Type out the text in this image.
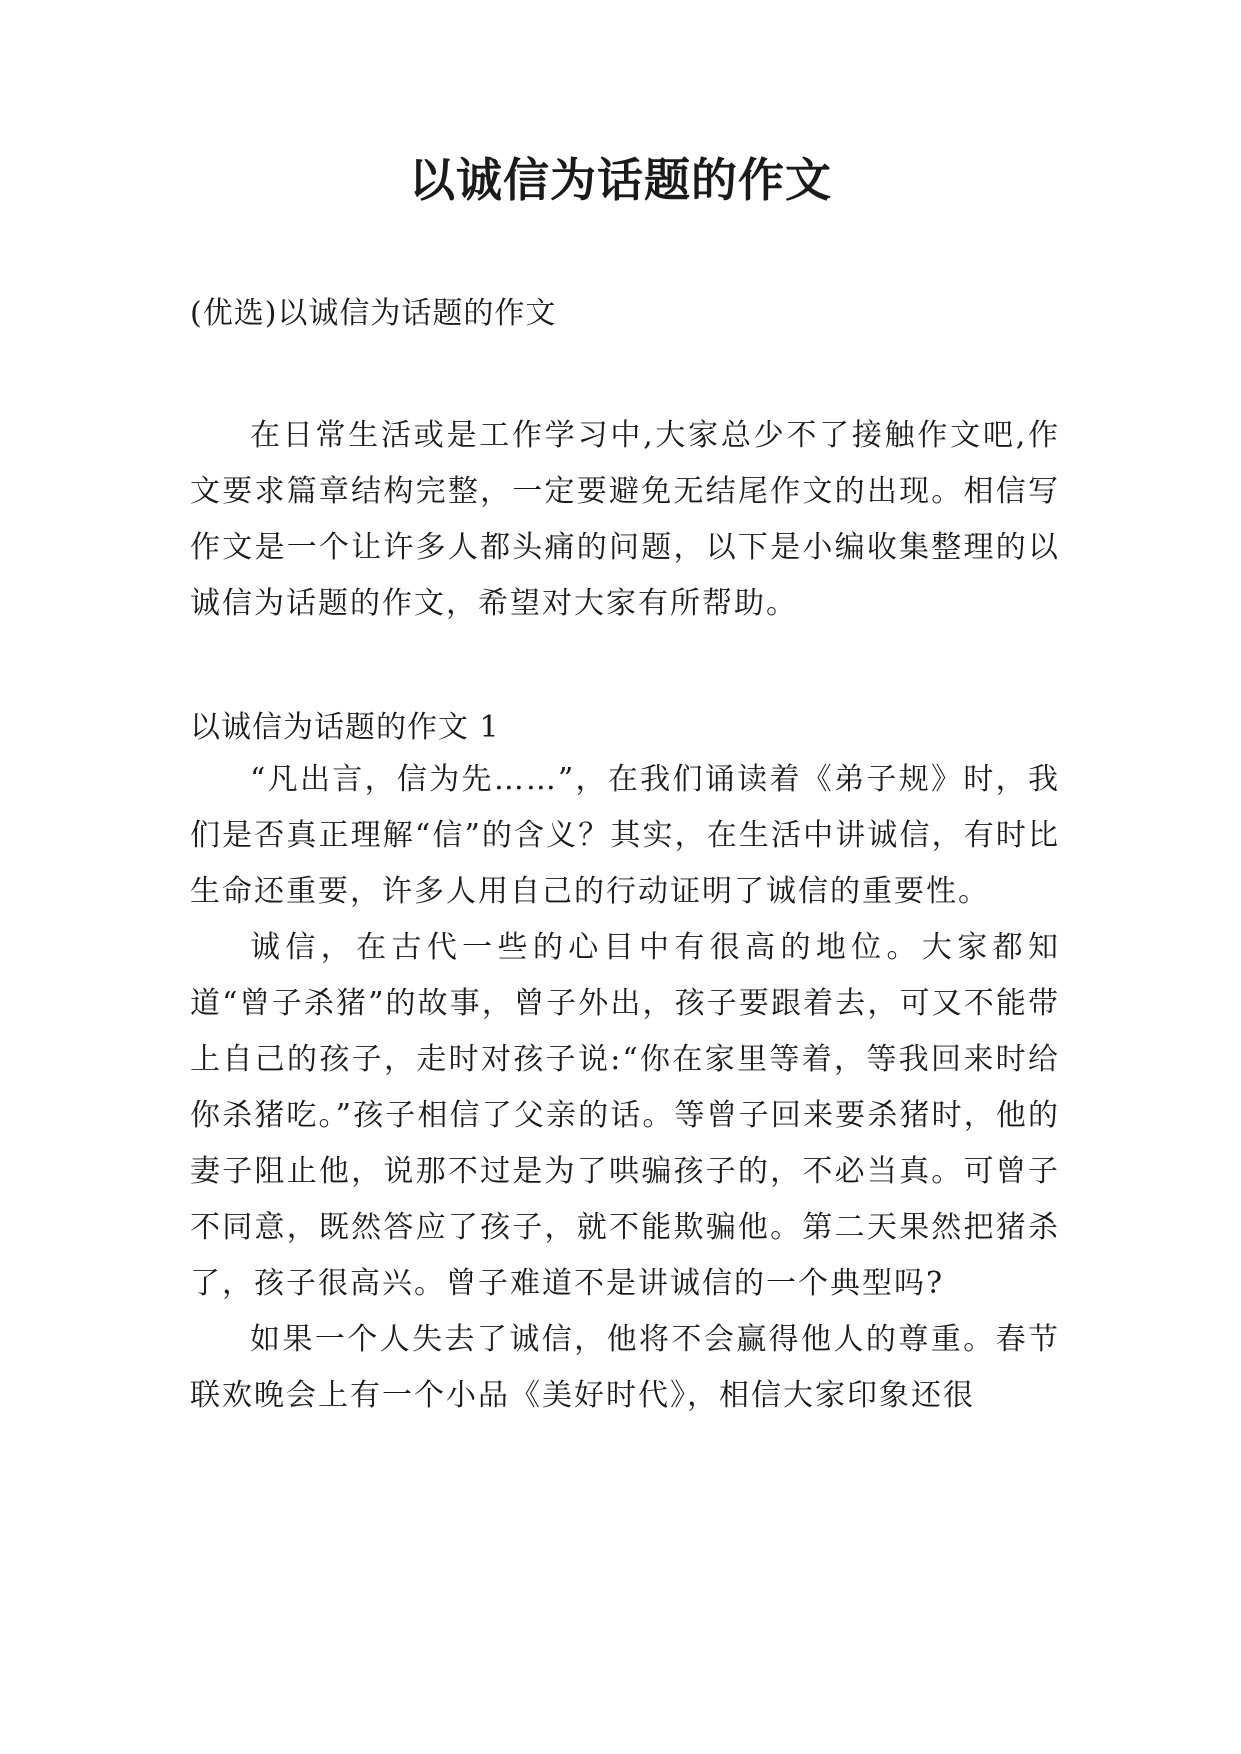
以诚信为话题的作文
(优选)以诚信为话题的作文

在日常生活或是工作学习中,大家总少不了接触作文吧,作文要求篇章结构完整，一定要避免无结尾作文的出现。相信写作文是一个让许多人都头痛的问题，以下是小编收集整理的以诚信为话题的作文，希望对大家有所帮助。

以诚信为话题的作文 1

“凡出言，信为先……”，在我们诵读着《弟子规》时，我们是否真正理解“信”的含义？其实，在生活中讲诚信，有时比生命还重要，许多人用自己的行动证明了诚信的重要性。

诚信，在古代一些的心目中有很高的地位。大家都知道“曾子杀猪”的故事，曾子外出，孩子要跟着去，可又不能带上自己的孩子，走时对孩子说:“你在家里等着，等我回来时给你杀猪吃。”孩子相信了父亲的话。等曾子回来要杀猪时，他的妻子阻止他，说那不过是为了哄骗孩子的，不必当真。可曾子不同意，既然答应了孩子，就不能欺骗他。第二天果然把猪杀了，孩子很高兴。曾子难道不是讲诚信的一个典型吗?

如果一个人失去了诚信，他将不会赢得他人的尊重。春节联欢晚会上有一个小品《美好时代》，相信大家印象还很
